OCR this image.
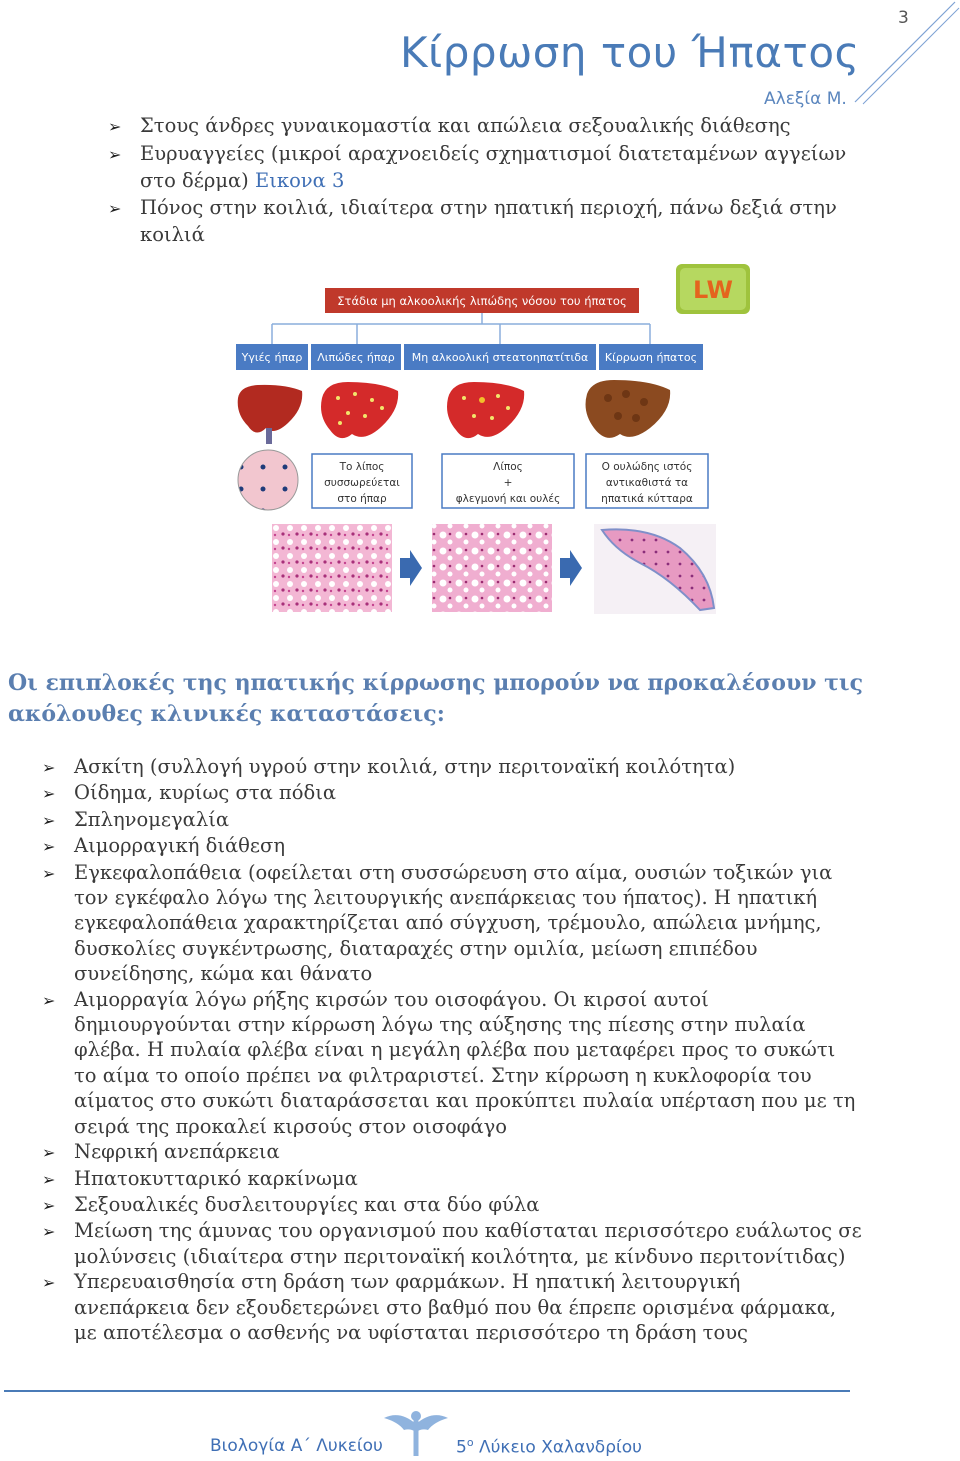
Κίρρωση του Ήπατος
Αλεξία Μ.
3
➢ Στους άνδρες γυναικομαστία και απώλεια σεξουαλικής διάθεσης
➢ Ευρυαγγείες (μικροί αραχνοειδείς σχηματισμοί διατεταμένων αγγείων στο δέρμα) Εικονα 3
➢ Πόνος στην κοιλιά, ιδιαίτερα στην ηπατική περιοχή, πάνω δεξιά στην κοιλιά
Στάδια μη αλκοολικής λιπώδης νόσου του ήπατος	LW
Υγιές ήπαρ Λιπώδες ήπαρ Μη αλκοολική στεατοηπατίτιδα Κίρρωση ήπατος
Το λίπος
συσσωρεύεται
στο ήπαρ
Λίπος
+
φλεγμονή και ουλές
Ο ουλώδης ιστός
αντικαθιστά τα
ηπατικά κύτταρα
Οι επιπλοκές της ηπατικής κίρρωσης μπορούν να προκαλέσουν τις ακόλουθες κλινικές καταστάσεις:
➢ Ασκίτη (συλλογή υγρού στην κοιλιά, στην περιτοναϊκή κοιλότητα)
➢ Οίδημα, κυρίως στα πόδια
➢ Σπληνομεγαλία
➢ Αιμορραγική διάθεση
➢ Εγκεφαλοπάθεια (οφείλεται στη συσσώρευση στο αίμα, ουσιών τοξικών για τον εγκέφαλο λόγω της λειτουργικής ανεπάρκειας του ήπατος). Η ηπατική εγκεφαλοπάθεια χαρακτηρίζεται από σύγχυση, τρέμουλο, απώλεια μνήμης, δυσκολίες συγκέντρωσης, διαταραχές στην ομιλία, μείωση επιπέδου συνείδησης, κώμα και θάνατο
➢ Αιμορραγία λόγω ρήξης κιρσών του οισοφάγου. Οι κιρσοί αυτοί δημιουργούνται στην κίρρωση λόγω της αύξησης της πίεσης στην πυλαία φλέβα. Η πυλαία φλέβα είναι η μεγάλη φλέβα που μεταφέρει προς το συκώτι το αίμα το οποίο πρέπει να φιλτραριστεί. Στην κίρρωση η κυκλοφορία του αίματος στο συκώτι διαταράσσεται και προκύπτει πυλαία υπέρταση που με τη σειρά της προκαλεί κιρσούς στον οισοφάγο
➢ Νεφρική ανεπάρκεια
➢ Ηπατοκυτταρικό καρκίνωμα
➢ Σεξουαλικές δυσλειτουργίες και στα δύο φύλα
➢ Μείωση της άμυνας του οργανισμού που καθίσταται περισσότερο ευάλωτος σε μολύνσεις (ιδιαίτερα στην περιτοναϊκή κοιλότητα, με κίνδυνο περιτονίτιδας)
➢ Υπερευαισθησία στη δράση των φαρμάκων. Η ηπατική λειτουργική ανεπάρκεια δεν εξουδετερώνει στο βαθμό που θα έπρεπε ορισμένα φάρμακα, με αποτέλεσμα ο ασθενής να υφίσταται περισσότερο τη δράση τους
Βιολογία Α΄ Λυκείου	$5^o$ Λύκειο Χαλανδρίου
